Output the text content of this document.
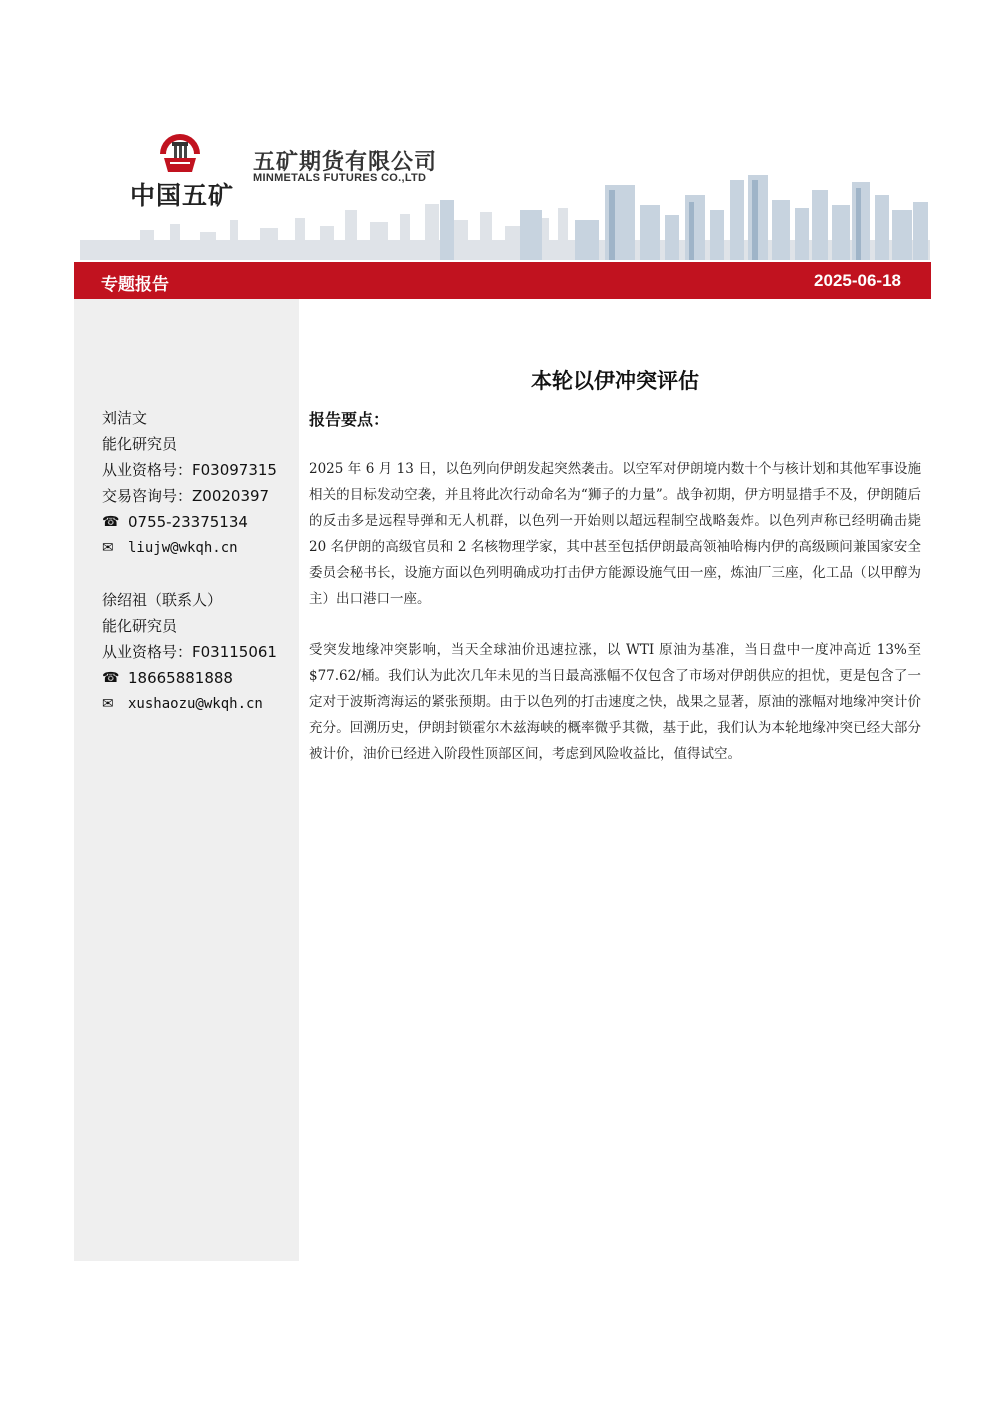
中国五矿
五矿期货有限公司
MINMETALS FUTURES CO.,LTD
专题报告	2025-06-18
刘洁文
能化研究员
从业资格号：F03097315
交易咨询号：Z0020397
☎ 0755-23375134
✉	liujw@wkqh.cn
徐绍祖（联系人）
能化研究员
从业资格号：F03115061
☎ 18665881888
✉	xushaozu@wkqh.cn
本轮以伊冲突评估
报告要点：

2025 年 6 月 13 日，以色列向伊朗发起突然袭击。以空军对伊朗境内数十个与核计划和其他军事设施相关的目标发动空袭，并且将此次行动命名为“狮子的力量”。战争初期，伊方明显措手不及，伊朗随后的反击多是远程导弹和无人机群，以色列一开始则以超远程制空战略轰炸。以色列声称已经明确击毙 20 名伊朗的高级官员和 2 名核物理学家，其中甚至包括伊朗最高领袖哈梅内伊的高级顾问兼国家安全委员会秘书长，设施方面以色列明确成功打击伊方能源设施气田一座，炼油厂三座，化工品（以甲醇为主）出口港口一座。

受突发地缘冲突影响，当天全球油价迅速拉涨，以 WTI 原油为基准，当日盘中一度冲高近 13%至$77.62/桶。我们认为此次几年未见的当日最高涨幅不仅包含了市场对伊朗供应的担忧，更是包含了一定对于波斯湾海运的紧张预期。由于以色列的打击速度之快，战果之显著，原油的涨幅对地缘冲突计价充分。回溯历史，伊朗封锁霍尔木兹海峡的概率微乎其微，基于此，我们认为本轮地缘冲突已经大部分被计价，油价已经进入阶段性顶部区间，考虑到风险收益比，值得试空。
